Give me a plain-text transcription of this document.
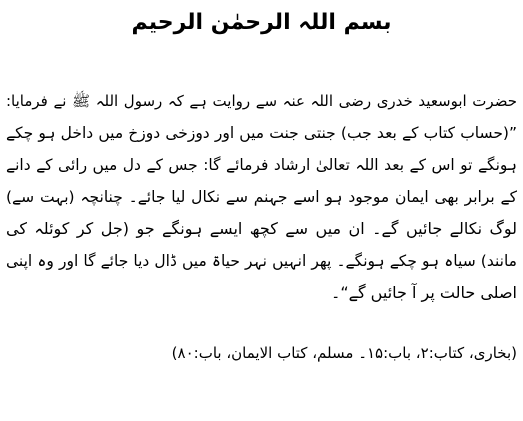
بسم اللہ الرحمٰن الرحیم
حضرت ابوسعید خدری رضی اللہ عنہ سے روایت ہے کہ رسول اللہ ﷺ نے فرمایا:
”(حساب کتاب کے بعد جب) جنتی جنت میں اور دوزخی دوزخ میں داخل ہو چکے
ہونگے تو اس کے بعد اللہ تعالیٰ ارشاد فرمائے گا: جس کے دل میں رائی کے دانے
کے برابر بھی ایمان موجود ہو اسے جہنم سے نکال لیا جائے۔ چنانچہ (بہت سے)
لوگ نکالے جائیں گے۔ ان میں سے کچھ ایسے ہونگے جو (جل کر کوئلہ کی
مانند) سیاہ ہو چکے ہونگے۔ پھر انہیں نہر حیاۃ میں ڈال دیا جائے گا اور وہ اپنی
اصلی حالت پر آ جائیں گے“۔
(بخاری، کتاب:۲، باب:۱۵۔ مسلم، کتاب الایمان، باب:۸۰)
